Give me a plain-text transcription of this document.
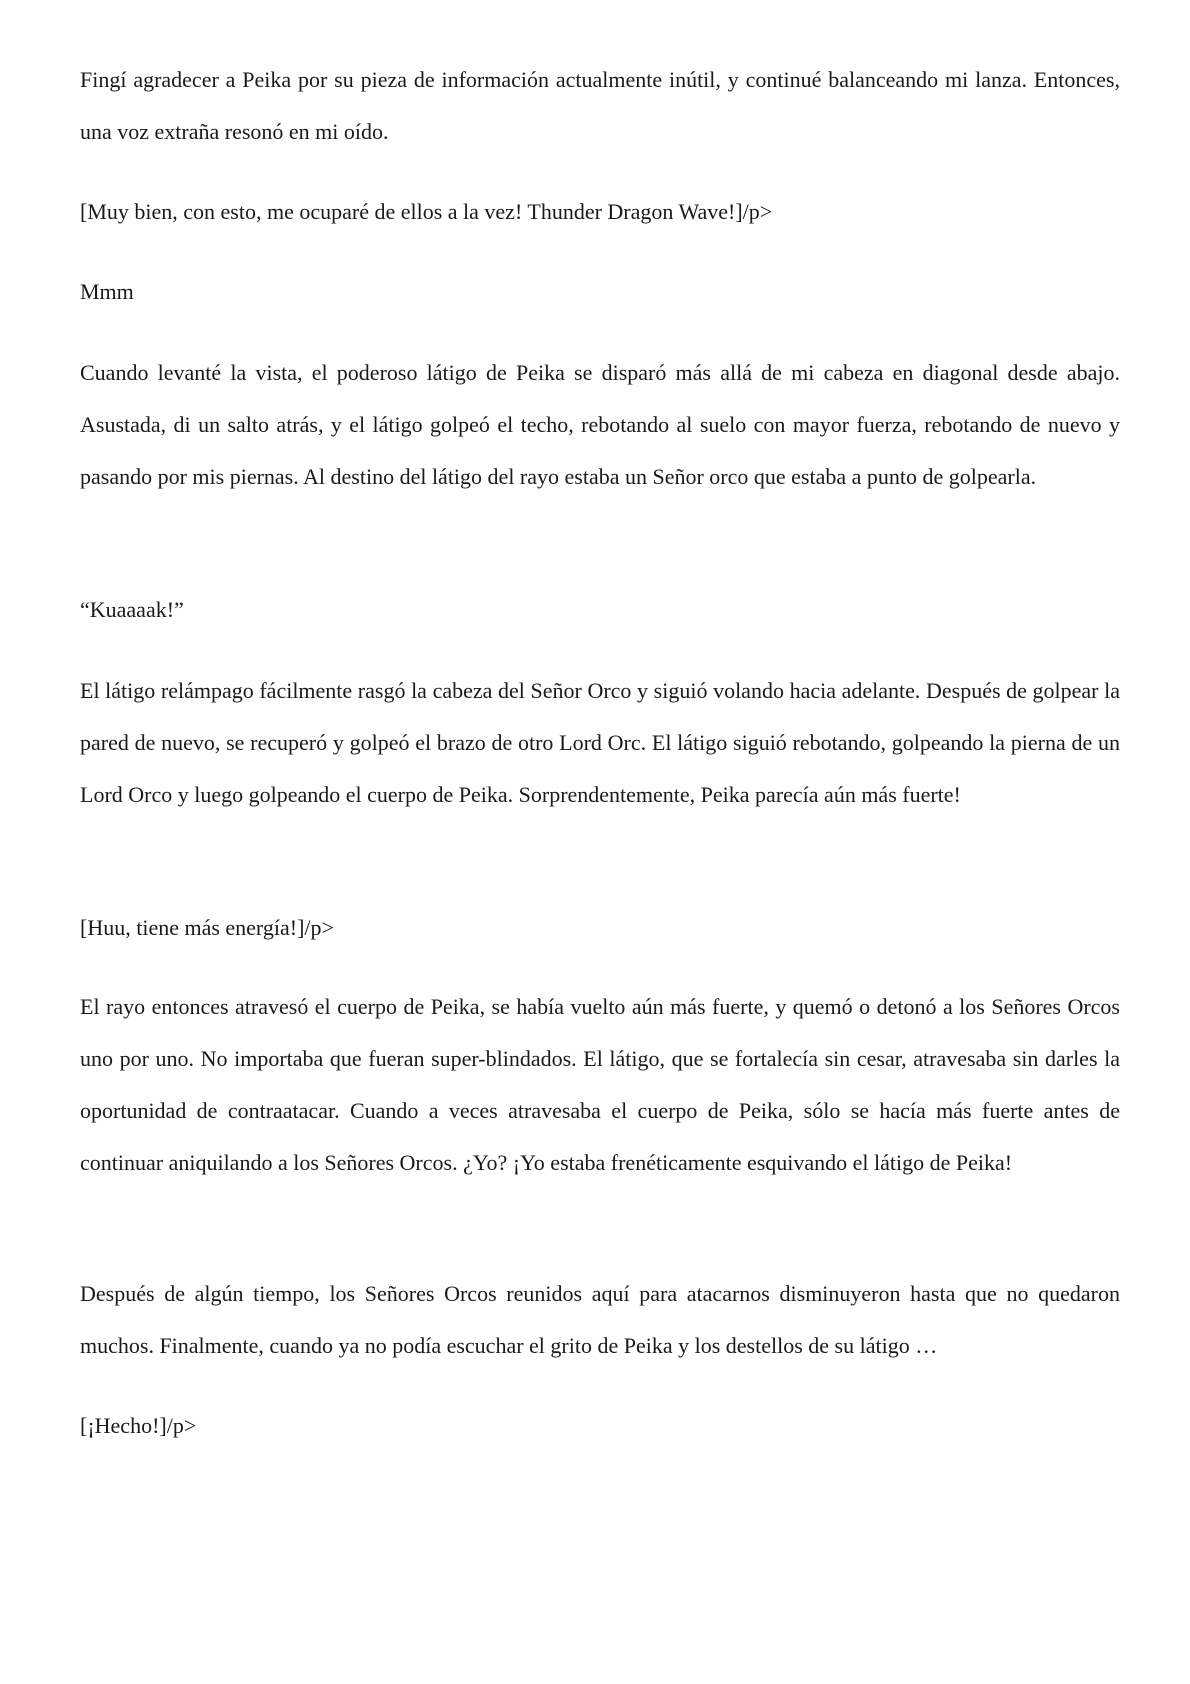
Fingí agradecer a Peika por su pieza de información actualmente inútil, y continué balanceando mi lanza. Entonces, una voz extraña resonó en mi oído.

[Muy bien, con esto, me ocuparé de ellos a la vez! Thunder Dragon Wave!]/p>

Mmm

Cuando levanté la vista, el poderoso látigo de Peika se disparó más allá de mi cabeza en diagonal desde abajo. Asustada, di un salto atrás, y el látigo golpeó el techo, rebotando al suelo con mayor fuerza, rebotando de nuevo y pasando por mis piernas. Al destino del látigo del rayo estaba un Señor orco que estaba a punto de golpearla.

“Kuaaaak!”

El látigo relámpago fácilmente rasgó la cabeza del Señor Orco y siguió volando hacia adelante. Después de golpear la pared de nuevo, se recuperó y golpeó el brazo de otro Lord Orc. El látigo siguió rebotando, golpeando la pierna de un Lord Orco y luego golpeando el cuerpo de Peika. Sorprendentemente, Peika parecía aún más fuerte!

[Huu, tiene más energía!]/p>

El rayo entonces atravesó el cuerpo de Peika, se había vuelto aún más fuerte, y quemó o detonó a los Señores Orcos uno por uno. No importaba que fueran super-blindados. El látigo, que se fortalecía sin cesar, atravesaba sin darles la oportunidad de contraatacar. Cuando a veces atravesaba el cuerpo de Peika, sólo se hacía más fuerte antes de continuar aniquilando a los Señores Orcos. ¿Yo? ¡Yo estaba frenéticamente esquivando el látigo de Peika!

Después de algún tiempo, los Señores Orcos reunidos aquí para atacarnos disminuyeron hasta que no quedaron muchos. Finalmente, cuando ya no podía escuchar el grito de Peika y los destellos de su látigo …

[¡Hecho!]/p>
